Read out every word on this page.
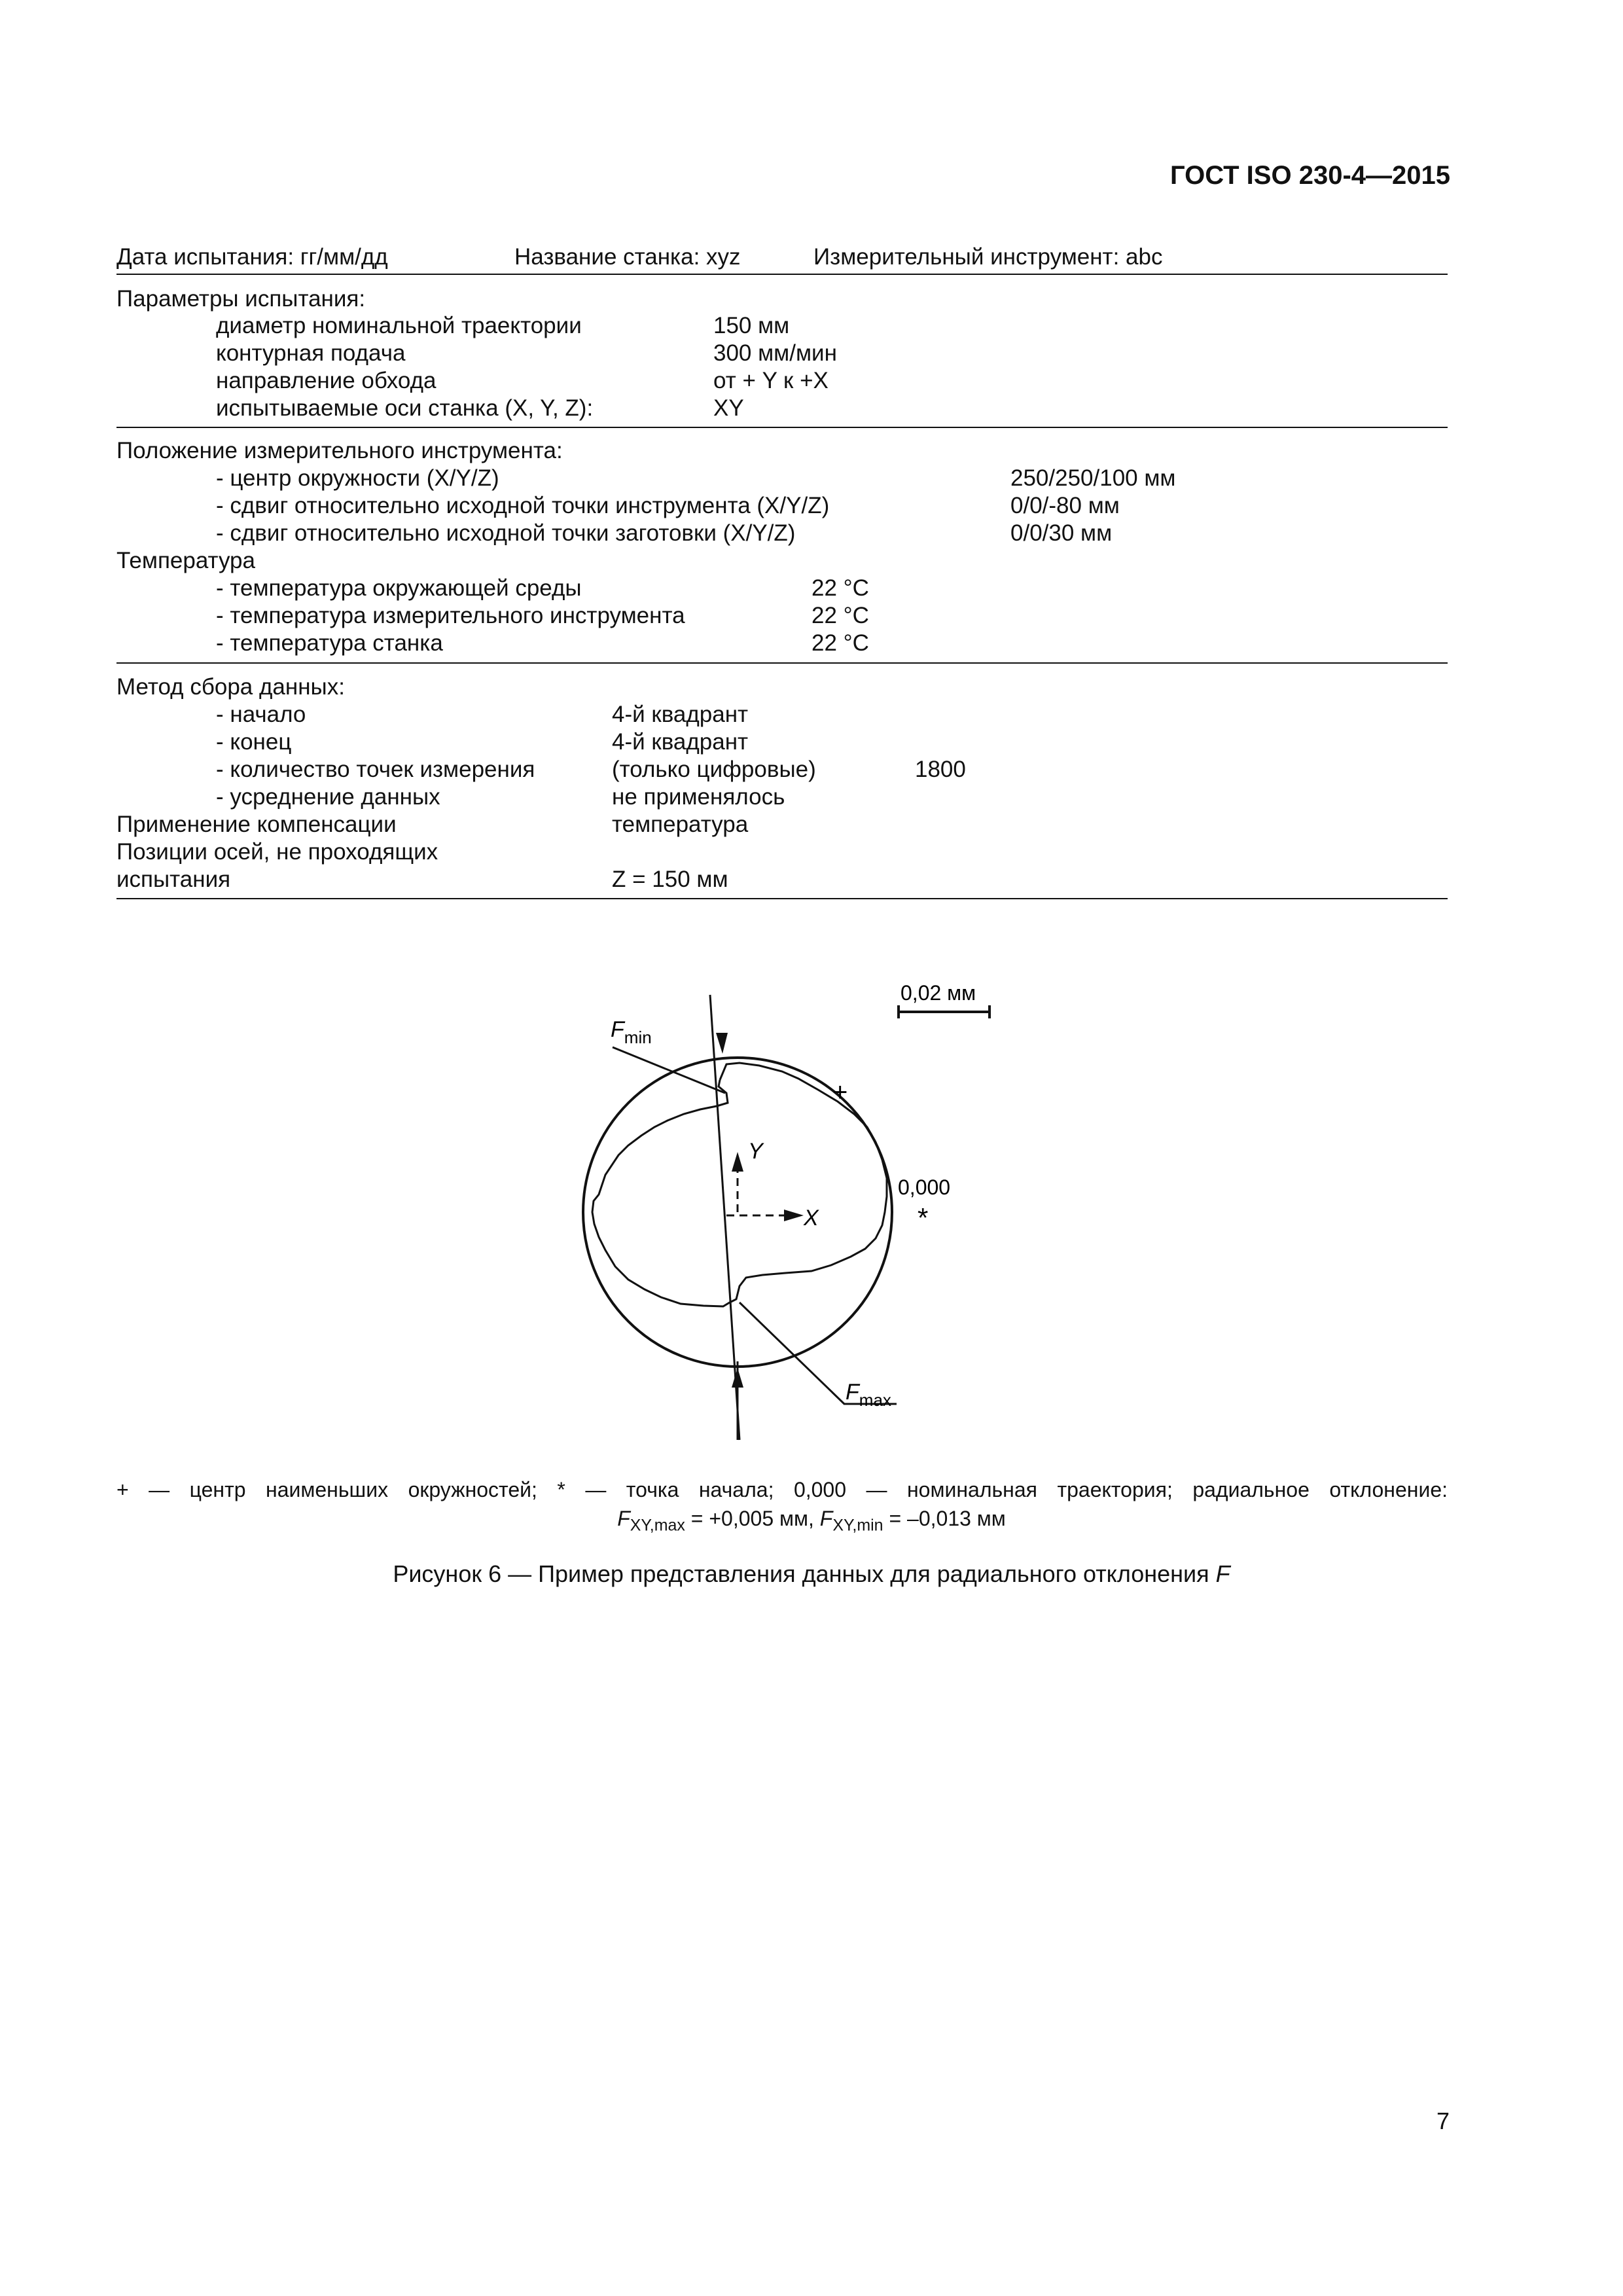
ГОСТ ISO 230-4—2015
Дата испытания: гг/мм/дд	Название станка: xyz	Измерительный инструмент: abc
Параметры испытания:
диаметр номинальной траектории	150 мм
контурная подача	300 мм/мин
направление обхода	от + Y к +X
испытываемые оси станка (X, Y, Z):	XY
Положение измерительного инструмента:
- центр окружности (X/Y/Z)	250/250/100 мм
- сдвиг относительно исходной точки инструмента (X/Y/Z)	0/0/-80 мм
- сдвиг относительно исходной точки заготовки (X/Y/Z)	0/0/30 мм
Температура
- температура окружающей среды	22 °C
- температура измерительного инструмента	22 °C
- температура станка	22 °C
Метод сбора данных:
- начало	4-й квадрант
- конец	4-й квадрант
- количество точек измерения	(только цифровые)	1800
- усреднение данных	не применялось
Применение компенсации	температура
Позиции осей, не проходящих
испытания	Z = 150 мм
0,02 мм
$F_{min}$
Y
X
0,000
*
+
$F_{max}$
+ — центр наименьших окружностей; * — точка начала; 0,000 — номинальная траектория; радиальное отклонение:
$F_{XY,max} = +0,005$ мм, $F_{XY,min} = -0,013$ мм
Рисунок 6 — Пример представления данных для радиального отклонения F
7
